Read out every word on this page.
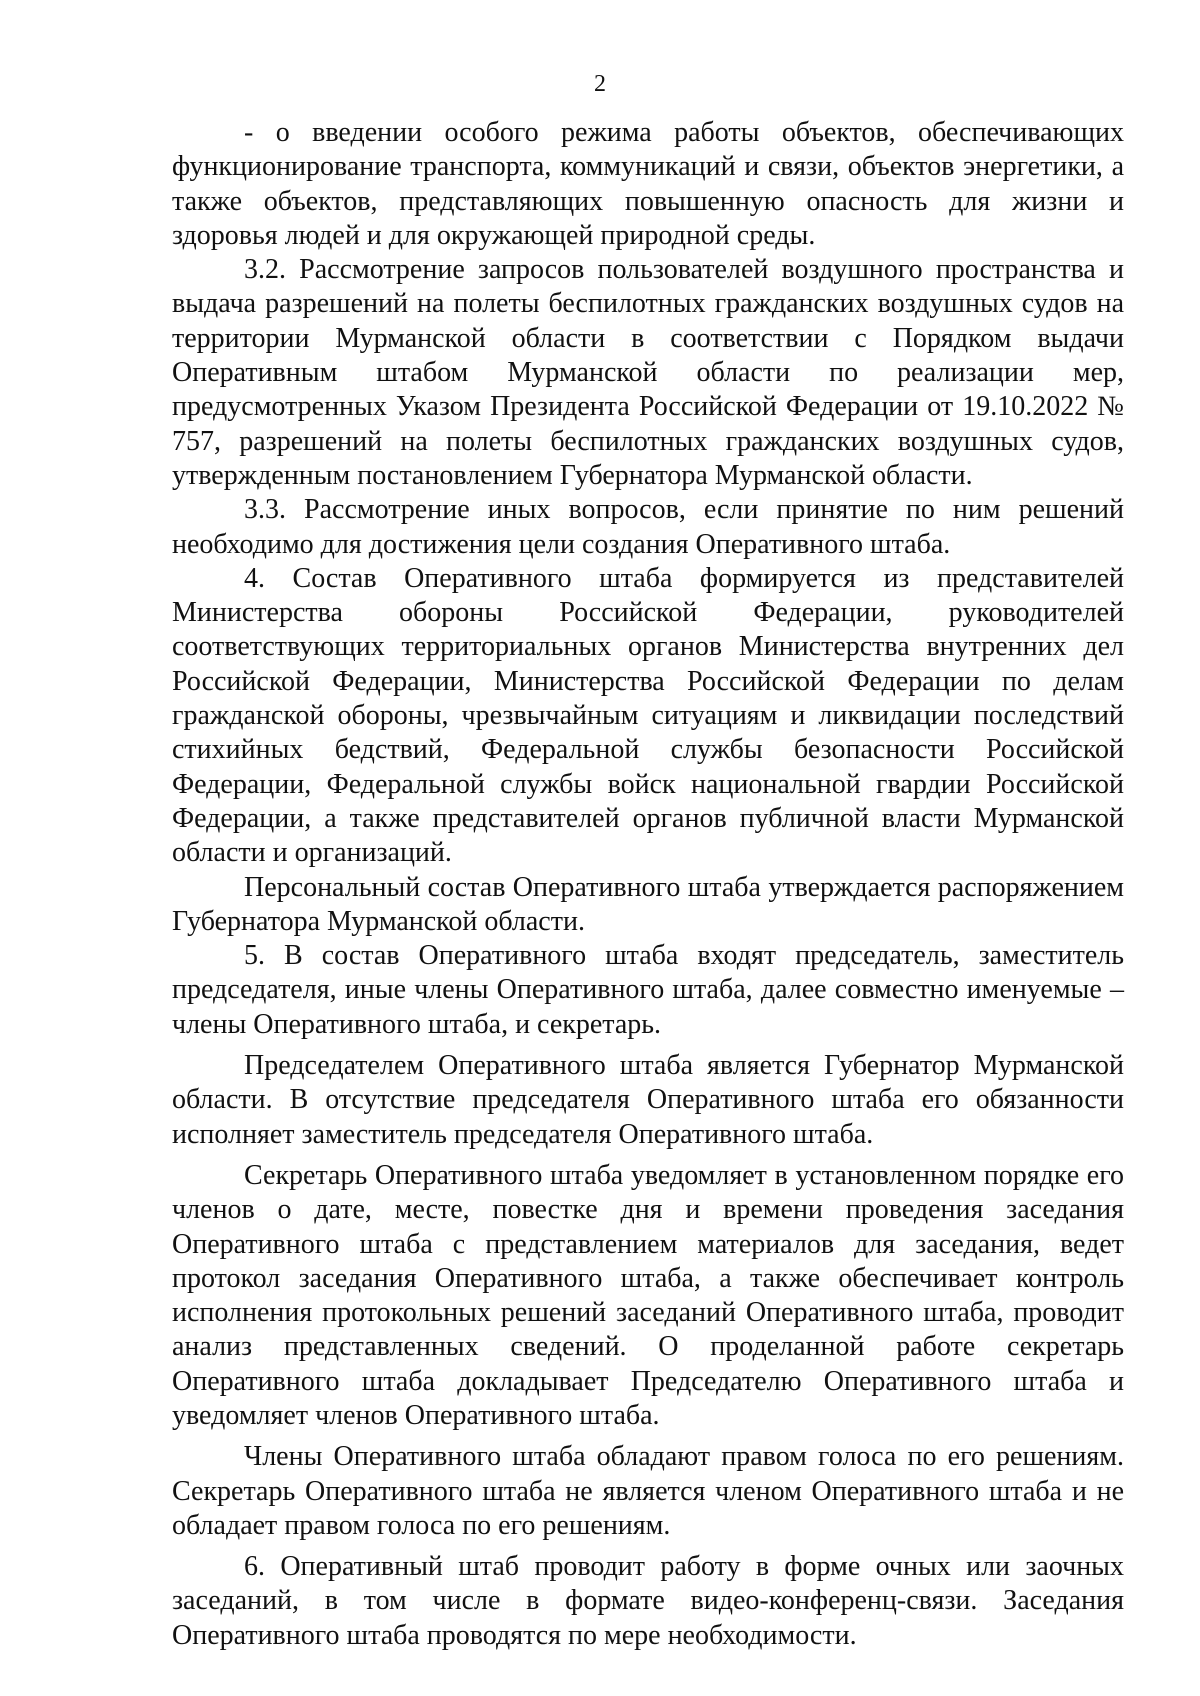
2

- о введении особого режима работы объектов, обеспечивающих функционирование транспорта, коммуникаций и связи, объектов энергетики, а также объектов, представляющих повышенную опасность для жизни и здоровья людей и для окружающей природной среды.

3.2. Рассмотрение запросов пользователей воздушного пространства и выдача разрешений на полеты беспилотных гражданских воздушных судов на территории Мурманской области в соответствии с Порядком выдачи Оперативным штабом Мурманской области по реализации мер, предусмотренных Указом Президента Российской Федерации от 19.10.2022 № 757, разрешений на полеты беспилотных гражданских воздушных судов, утвержденным постановлением Губернатора Мурманской области.

3.3. Рассмотрение иных вопросов, если принятие по ним решений необходимо для достижения цели создания Оперативного штаба.

4. Состав Оперативного штаба формируется из представителей Министерства обороны Российской Федерации, руководителей соответствующих территориальных органов Министерства внутренних дел Российской Федерации, Министерства Российской Федерации по делам гражданской обороны, чрезвычайным ситуациям и ликвидации последствий стихийных бедствий, Федеральной службы безопасности Российской Федерации, Федеральной службы войск национальной гвардии Российской Федерации, а также представителей органов публичной власти Мурманской области и организаций.

Персональный состав Оперативного штаба утверждается распоряжением Губернатора Мурманской области.

5. В состав Оперативного штаба входят председатель, заместитель председателя, иные члены Оперативного штаба, далее совместно именуемые – члены Оперативного штаба, и секретарь.

Председателем Оперативного штаба является Губернатор Мурманской области. В отсутствие председателя Оперативного штаба его обязанности исполняет заместитель председателя Оперативного штаба.

Секретарь Оперативного штаба уведомляет в установленном порядке его членов о дате, месте, повестке дня и времени проведения заседания Оперативного штаба с представлением материалов для заседания, ведет протокол заседания Оперативного штаба, а также обеспечивает контроль исполнения протокольных решений заседаний Оперативного штаба, проводит анализ представленных сведений. О проделанной работе секретарь Оперативного штаба докладывает Председателю Оперативного штаба и уведомляет членов Оперативного штаба.

Члены Оперативного штаба обладают правом голоса по его решениям. Секретарь Оперативного штаба не является членом Оперативного штаба и не обладает правом голоса по его решениям.

6. Оперативный штаб проводит работу в форме очных или заочных заседаний, в том числе в формате видео-конференц-связи. Заседания Оперативного штаба проводятся по мере необходимости.
